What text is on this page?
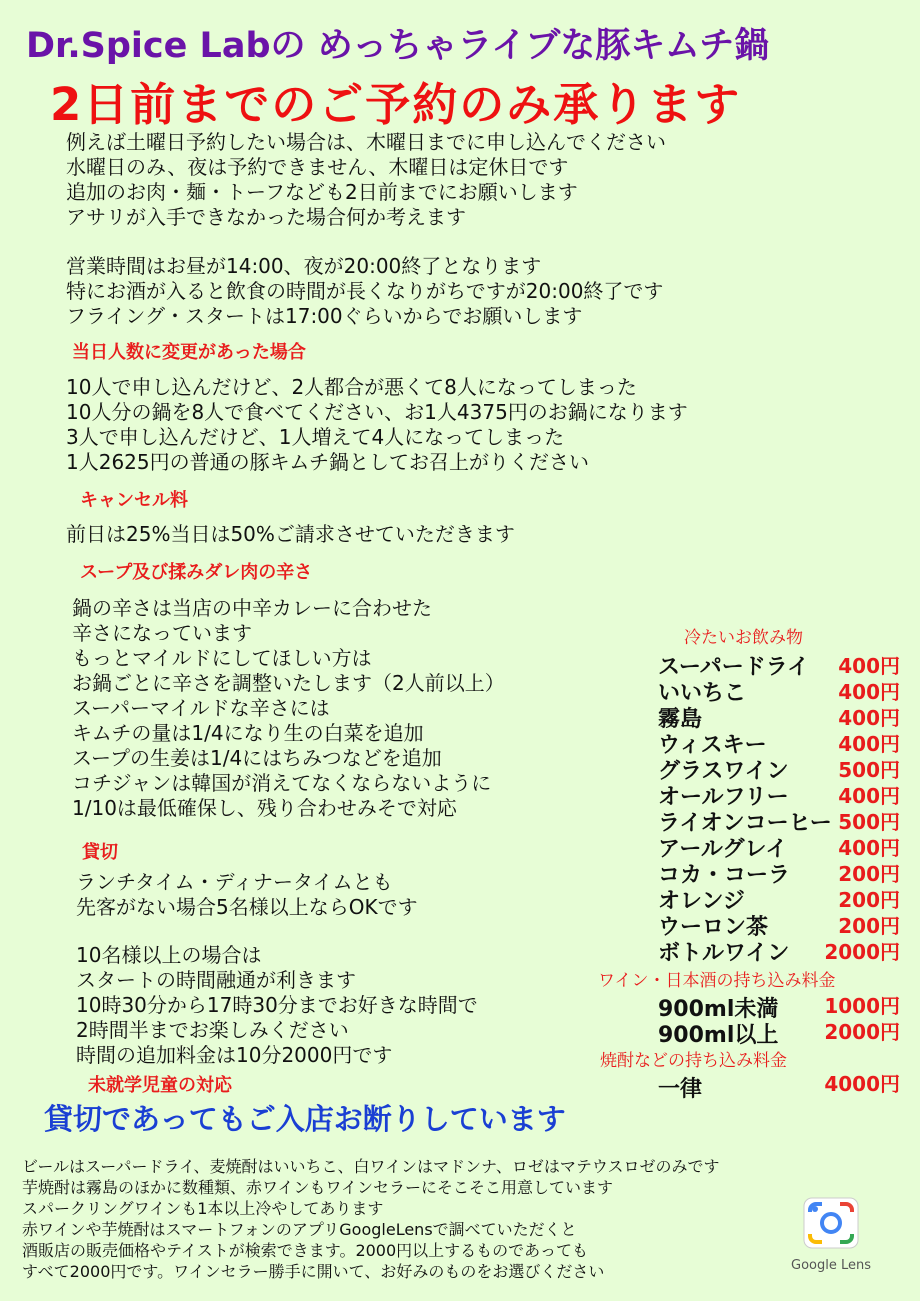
Dr.Spice Labの めっちゃライブな豚キムチ鍋
2日前までのご予約のみ承ります
例えば土曜日予約したい場合は、木曜日までに申し込んでください
水曜日のみ、夜は予約できません、木曜日は定休日です
追加のお肉・麺・トーフなども2日前までにお願いします
アサリが入手できなかった場合何か考えます
営業時間はお昼が14:00、夜が20:00終了となります
特にお酒が入ると飲食の時間が長くなりがちですが20:00終了です
フライング・スタートは17:00ぐらいからでお願いします
当日人数に変更があった場合
10人で申し込んだけど、2人都合が悪くて8人になってしまった
10人分の鍋を8人で食べてください、お1人4375円のお鍋になります
3人で申し込んだけど、1人増えて4人になってしまった
1人2625円の普通の豚キムチ鍋としてお召上がりください
キャンセル料
前日は25%当日は50%ご請求させていただきます
スープ及び揉みダレ肉の辛さ
鍋の辛さは当店の中辛カレーに合わせた
辛さになっています
もっとマイルドにしてほしい方は
お鍋ごとに辛さを調整いたします（2人前以上）
スーパーマイルドな辛さには
キムチの量は1/4になり生の白菜を追加
スープの生姜は1/4にはちみつなどを追加
コチジャンは韓国が消えてなくならないように
1/10は最低確保し、残り合わせみそで対応
貸切
ランチタイム・ディナータイムとも
先客がない場合5名様以上ならOKです
10名様以上の場合は
スタートの時間融通が利きます
10時30分から17時30分までお好きな時間で
2時間半までお楽しみください
時間の追加料金は10分2000円です
未就学児童の対応
貸切であってもご入店お断りしています
冷たいお飲み物
スーパードライ	400円
いいちこ	400円
霧島	400円
ウィスキー	400円
グラスワイン	500円
オールフリー	400円
ライオンコーヒー 500円
アールグレイ	400円
コカ・コーラ	200円
オレンジ	200円
ウーロン茶	200円
ボトルワイン	2000円
ワイン・日本酒の持ち込み料金
900ml未満	1000円
900ml以上	2000円
焼酎などの持ち込み料金
一律	4000円
ビールはスーパードライ、麦焼酎はいいちこ、白ワインはマドンナ、ロゼはマテウスロゼのみです
芋焼酎は霧島のほかに数種類、赤ワインもワインセラーにそこそこ用意しています
スパークリングワインも1本以上冷やしてあります
赤ワインや芋焼酎はスマートフォンのアプリGoogleLensで調べていただくと
酒販店の販売価格やテイストが検索できます。2000円以上するものであっても
すべて2000円です。ワインセラー勝手に開いて、お好みのものをお選びください	Google Lens
